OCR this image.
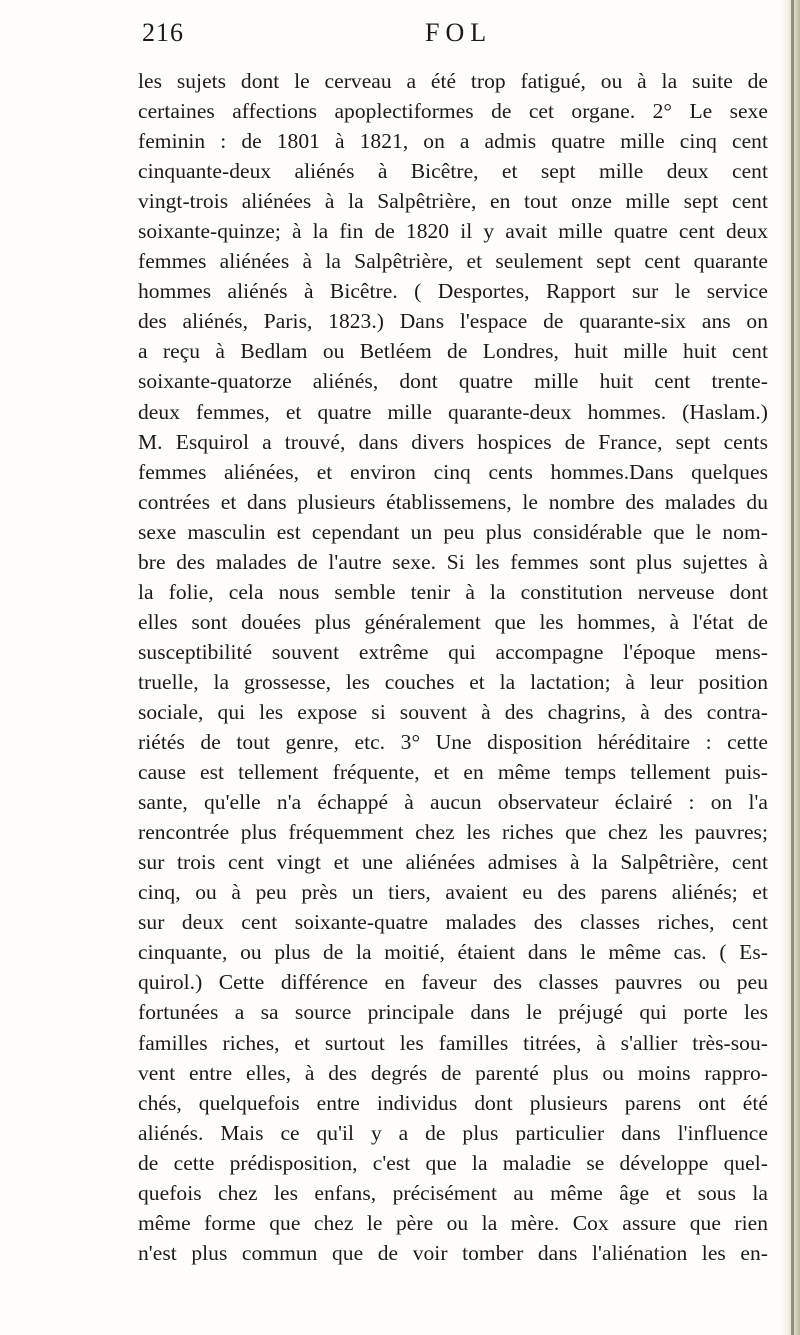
216	FOL
les sujets dont le cerveau a été trop fatigué, ou à la suite de
certaines affections apoplectiformes de cet organe. 2° Le sexe
feminin : de 1801 à 1821, on a admis quatre mille cinq cent
cinquante-deux aliénés à Bicêtre, et sept mille deux cent
vingt-trois aliénées à la Salpêtrière, en tout onze mille sept cent
soixante-quinze; à la fin de 1820 il y avait mille quatre cent deux
femmes aliénées à la Salpêtrière, et seulement sept cent quarante
hommes aliénés à Bicêtre. ( Desportes, Rapport sur le service
des aliénés, Paris, 1823.) Dans l'espace de quarante-six ans on
a reçu à Bedlam ou Betléem de Londres, huit mille huit cent
soixante-quatorze aliénés, dont quatre mille huit cent trente-
deux femmes, et quatre mille quarante-deux hommes. (Haslam.)
M. Esquirol a trouvé, dans divers hospices de France, sept cents
femmes aliénées, et environ cinq cents hommes.Dans quelques
contrées et dans plusieurs établissemens, le nombre des malades du
sexe masculin est cependant un peu plus considérable que le nom-
bre des malades de l'autre sexe. Si les femmes sont plus sujettes à
la folie, cela nous semble tenir à la constitution nerveuse dont
elles sont douées plus généralement que les hommes, à l'état de
susceptibilité souvent extrême qui accompagne l'époque mens-
truelle, la grossesse, les couches et la lactation; à leur position
sociale, qui les expose si souvent à des chagrins, à des contra-
riétés de tout genre, etc. 3° Une disposition héréditaire : cette
cause est tellement fréquente, et en même temps tellement puis-
sante, qu'elle n'a échappé à aucun observateur éclairé : on l'a
rencontrée plus fréquemment chez les riches que chez les pauvres;
sur trois cent vingt et une aliénées admises à la Salpêtrière, cent
cinq, ou à peu près un tiers, avaient eu des parens aliénés; et
sur deux cent soixante-quatre malades des classes riches, cent
cinquante, ou plus de la moitié, étaient dans le même cas. ( Es-
quirol.) Cette différence en faveur des classes pauvres ou peu
fortunées a sa source principale dans le préjugé qui porte les
familles riches, et surtout les familles titrées, à s'allier très-sou-
vent entre elles, à des degrés de parenté plus ou moins rappro-
chés, quelquefois entre individus dont plusieurs parens ont été
aliénés. Mais ce qu'il y a de plus particulier dans l'influence
de cette prédisposition, c'est que la maladie se développe quel-
quefois chez les enfans, précisément au même âge et sous la
même forme que chez le père ou la mère. Cox assure que rien
n'est plus commun que de voir tomber dans l'aliénation les en-
